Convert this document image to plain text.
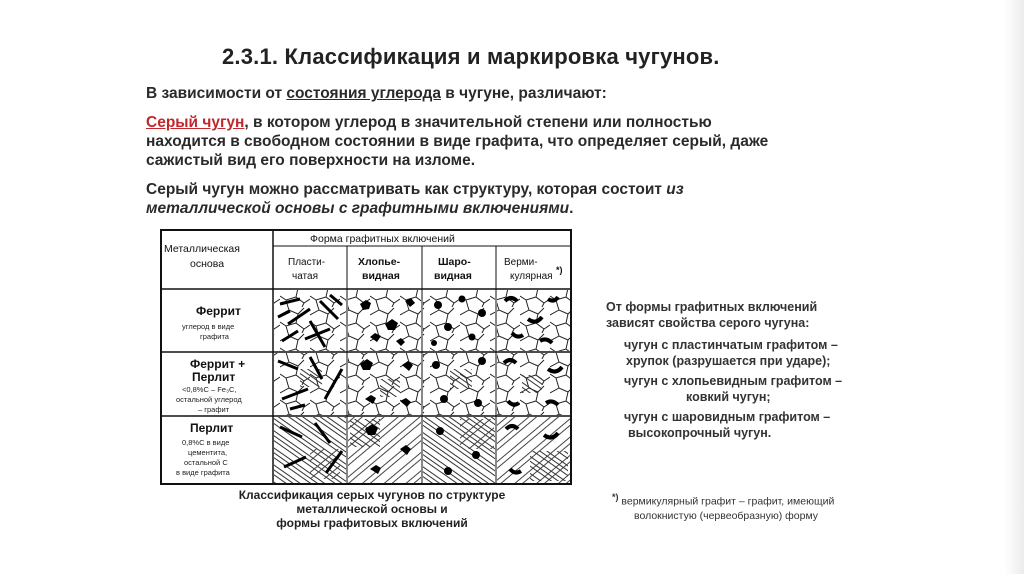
2.3.1. Классификация и маркировка чугунов.
В зависимости от состояния углерода в чугуне, различают:
Серый чугун, в котором углерод в значительной степени или полностью
находится в свободном состоянии в виде графита, что определяет серый, даже
сажистый вид его поверхности на изломе.
Серый чугун можно рассматривать как структуру, которая состоит из
металлической основы с графитными включениями.
Металлическая
основа
Форма графитных включений
Пласти-
чатая
Хлопье-
видная
Шаро-
видная
Верми-
кулярная
*)
Феррит
углерод в виде
графита
Феррит +
Перлит
<0,8%С – Fe₃C,
остальной углерод
– графит
Перлит
0,8%С в виде
цементита,
остальной С
в виде графита
Классификация серых чугунов по структуре
металлической основы и
формы графитовых включений
От формы графитных включений
зависят свойства серого чугуна:
чугун с пластинчатым графитом –
хрупок (разрушается при ударе);
чугун с хлопьевидным графитом –
ковкий чугун;
чугун с шаровидным графитом –
высокопрочный чугун.
*) вермикулярный графит – графит, имеющий
волокнистую (червеобразную) форму
